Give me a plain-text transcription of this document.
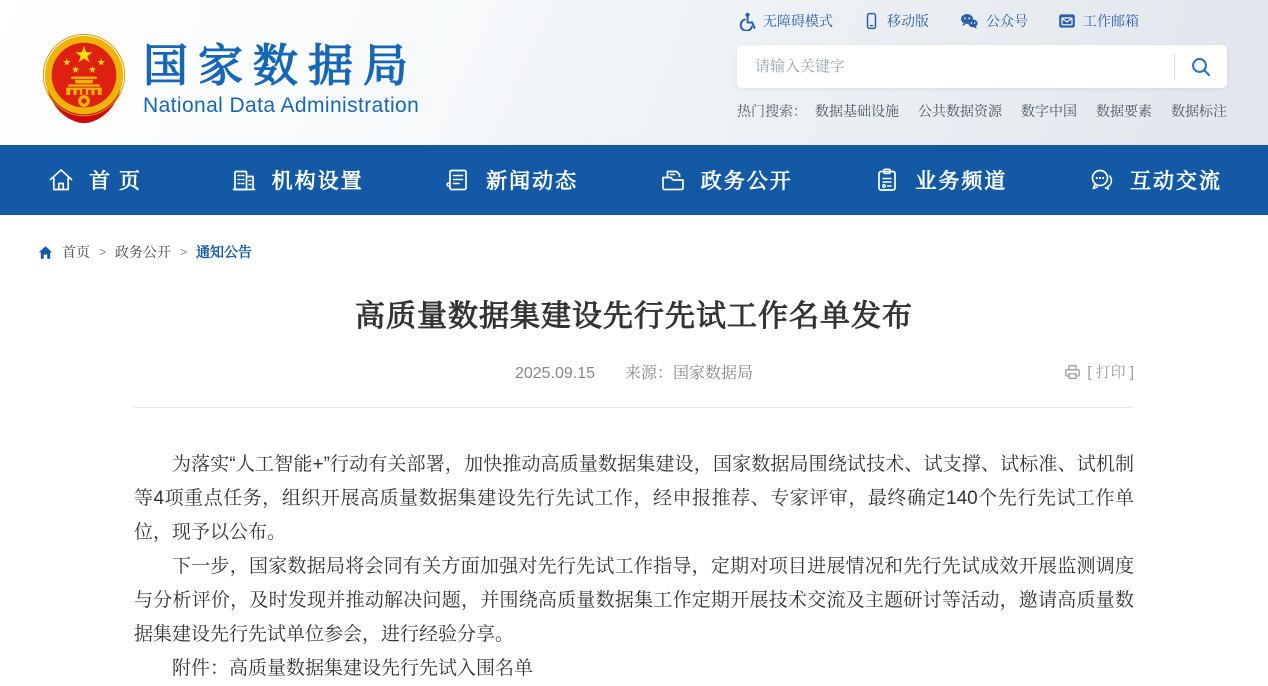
国家数据局
National Data Administration
无障碍模式	移动版	公众号	工作邮箱
请输入关键字
热门搜索： 数据基础设施 公共数据资源 数字中国 数据要素 数据标注
首页	机构设置	新闻动态	政务公开	业务频道	互动交流
首页 > 政务公开 > 通知公告
高质量数据集建设先行先试工作名单发布
2025.09.15 来源：国家数据局	[ 打印 ]

为落实“人工智能+”行动有关部署，加快推动高质量数据集建设，国家数据局围绕试技术、试支撑、试标准、试机制等4项重点任务，组织开展高质量数据集建设先行先试工作，经申报推荐、专家评审，最终确定140个先行先试工作单位，现予以公布。

下一步，国家数据局将会同有关方面加强对先行先试工作指导，定期对项目进展情况和先行先试成效开展监测调度与分析评价，及时发现并推动解决问题，并围绕高质量数据集工作定期开展技术交流及主题研讨等活动，邀请高质量数据集建设先行先试单位参会，进行经验分享。

附件：高质量数据集建设先行先试入围名单
